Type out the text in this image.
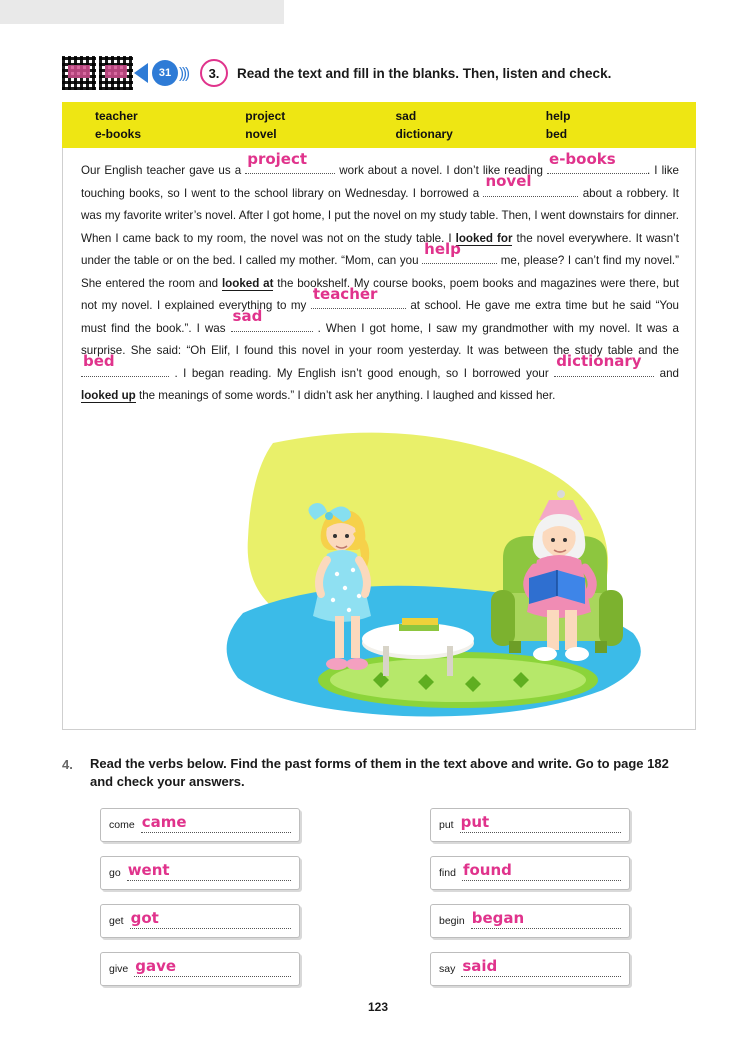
31 )))	3.	Read the text and fill in the blanks. Then, listen and check.
teacher	project	sad	help
e-books	novel	dictionary	bed
Our English teacher gave us a
project
work about a novel. I don’t like reading
e-books
. I like touching books, so I went to the school library on Wednesday. I borrowed a
novel
about a robbery. It was my favorite writer’s novel. After I got home, I put the novel on my study table. Then, I went downstairs for dinner. When I came back to my room, the novel was not on the study table. I looked for the novel everywhere. It wasn’t under the table or on the bed. I called my mother. “Mom, can you
help
me, please? I can’t find my novel.” She entered the room and looked at the bookshelf. My course books, poem books and magazines were there, but not my novel. I explained everything to my
teacher
at school. He gave me extra time but he said “You must find the book.”. I was
sad
. When I got home, I saw my grandmother with my novel. It was a surprise. She said: “Oh Elif, I found this novel in your room yesterday. It was between the study table and the
bed
. I began reading. My English isn’t good enough, so I borrowed your
dictionary
and looked up the meanings of some words.” I didn’t ask her anything. I laughed and kissed her.
4.	Read the verbs below. Find the past forms of them in the text above and write. Go to page 182 and check your answers.
come came
go went
get got
give gave
put put
find found
begin began
say said
123
